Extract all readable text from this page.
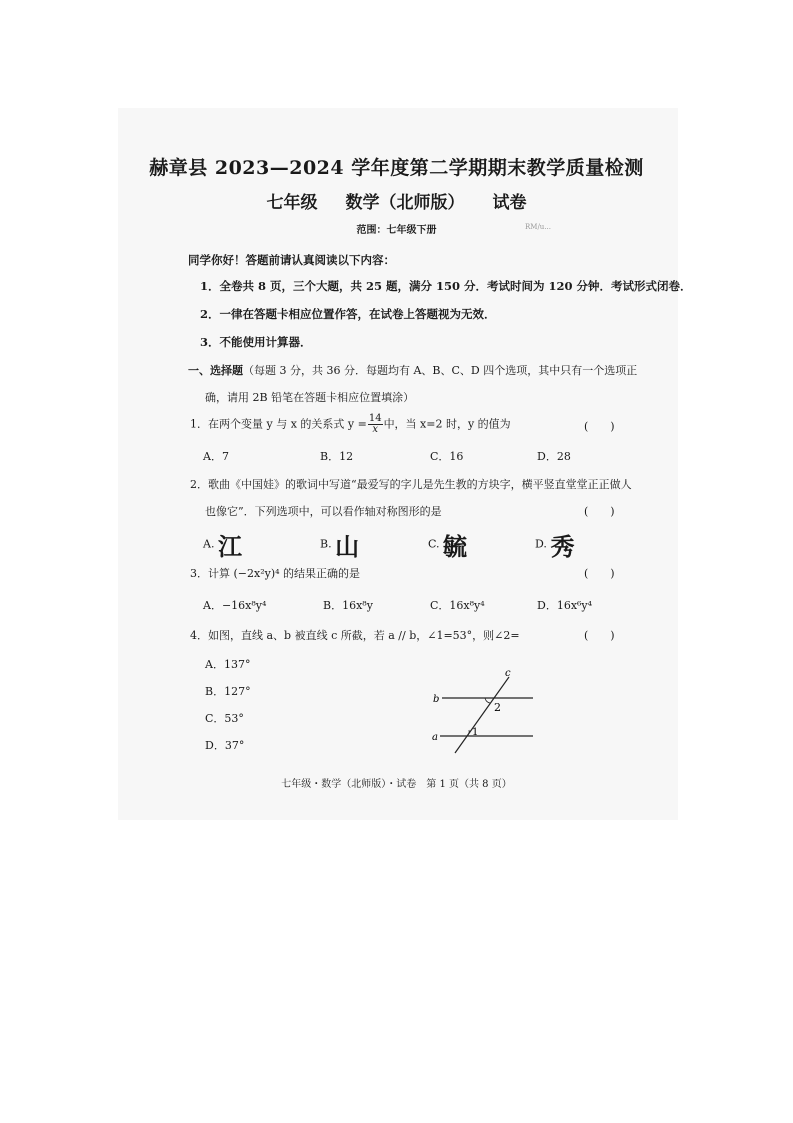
赫章县 2023—2024 学年度第二学期期末教学质量检测
七年级 数学（北师版） 试卷
范围：七年级下册	RM/u...
同学你好！答题前请认真阅读以下内容：
1．全卷共 8 页，三个大题，共 25 题，满分 150 分．考试时间为 120 分钟．考试形式闭卷．
2．一律在答题卡相应位置作答，在试卷上答题视为无效．
3．不能使用计算器．
一、选择题（每题 3 分，共 36 分．每题均有 A、B、C、D 四个选项，其中只有一个选项正
确，请用 2B 铅笔在答题卡相应位置填涂）
1．在两个变量 y 与 x 的关系式 $y = \frac{14}{x}$ 中，当 x=2 时，y 的值为	(　　)
A．7	B．12	C．16	D．28
2．歌曲《中国娃》的歌词中写道“最爱写的字儿是先生教的方块字，横平竖直堂堂正正做人
也像它”．下列选项中，可以看作轴对称图形的是	(　　)
A. 江	B. 山	C. 毓	D. 秀
3．计算 (−2x²y)⁴ 的结果正确的是	(　　)
A．−16x⁸y⁴	B．16x⁸y	C．16x⁸y⁴	D．16x⁶y⁴
4．如图，直线 a、b 被直线 c 所截，若 a // b，∠1=53°，则∠2=	(　　)
A．137°
B．127°
C．53°
D．37°
b
a
c
1
2
七年级・数学（北师版）・试卷　第 1 页（共 8 页）
